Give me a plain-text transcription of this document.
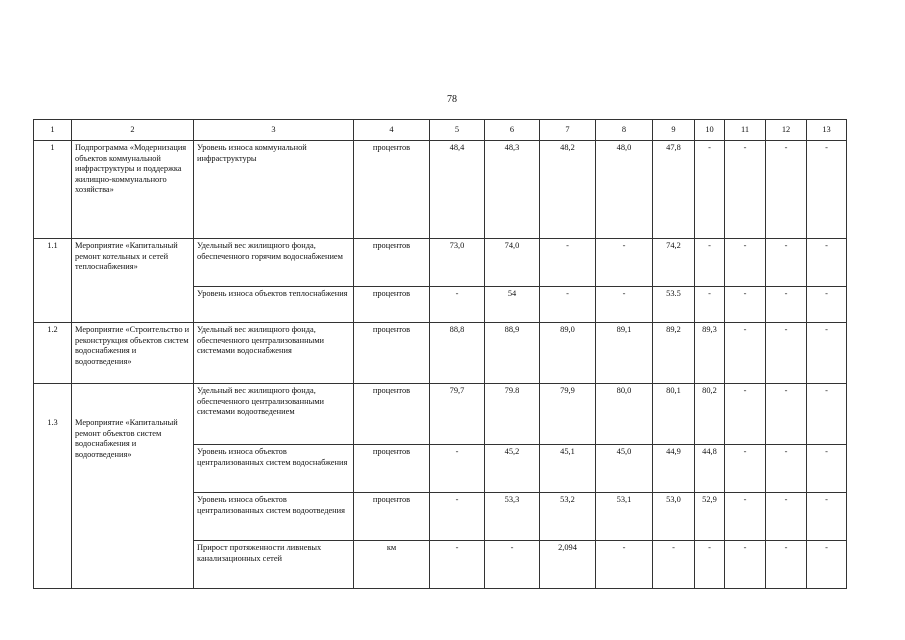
78
1	2	3	4	5	6	7	8	9	10	11	12	13
1	Подпрограмма «Модернизация объектов коммунальной инфраструктуры и поддержка жилищно-коммунального хозяйства»	Уровень износа коммунальной инфраструктуры	процентов	48,4	48,3	48,2	48,0	47,8	-	-	-	-
1.1	Мероприятие «Капитальный ремонт котельных и сетей теплоснабжения»	Удельный вес жилищного фонда, обеспеченного горячим водоснабжением	процентов	73,0	74,0	-	-	74,2	-	-	-	-
		Уровень износа объектов теплоснабжения	процентов	-	54	-	-	53.5	-	-	-	-
1.2	Мероприятие «Строительство и реконструкция объектов систем водоснабжения и водоотведения»	Удельный вес жилищного фонда, обеспеченного централизованными системами водоснабжения	процентов	88,8	88,9	89,0	89,1	89,2	89,3	-	-	-
1.3	Мероприятие «Капитальный ремонт объектов систем водоснабжения и водоотведения»	Удельный вес жилищного фонда, обеспеченного централизованными системами водоотведением	процентов	79,7	79.8	79,9	80,0	80,1	80,2	-	-	-
		Уровень износа объектов централизованных систем водоснабжения	процентов	-	45,2	45,1	45,0	44,9	44,8	-	-	-
		Уровень износа объектов централизованных систем водоотведения	процентов	-	53,3	53,2	53,1	53,0	52,9	-	-	-
		Прирост протяженности ливневых канализационных сетей	км	-	-	2,094	-	-	-	-	-	-
